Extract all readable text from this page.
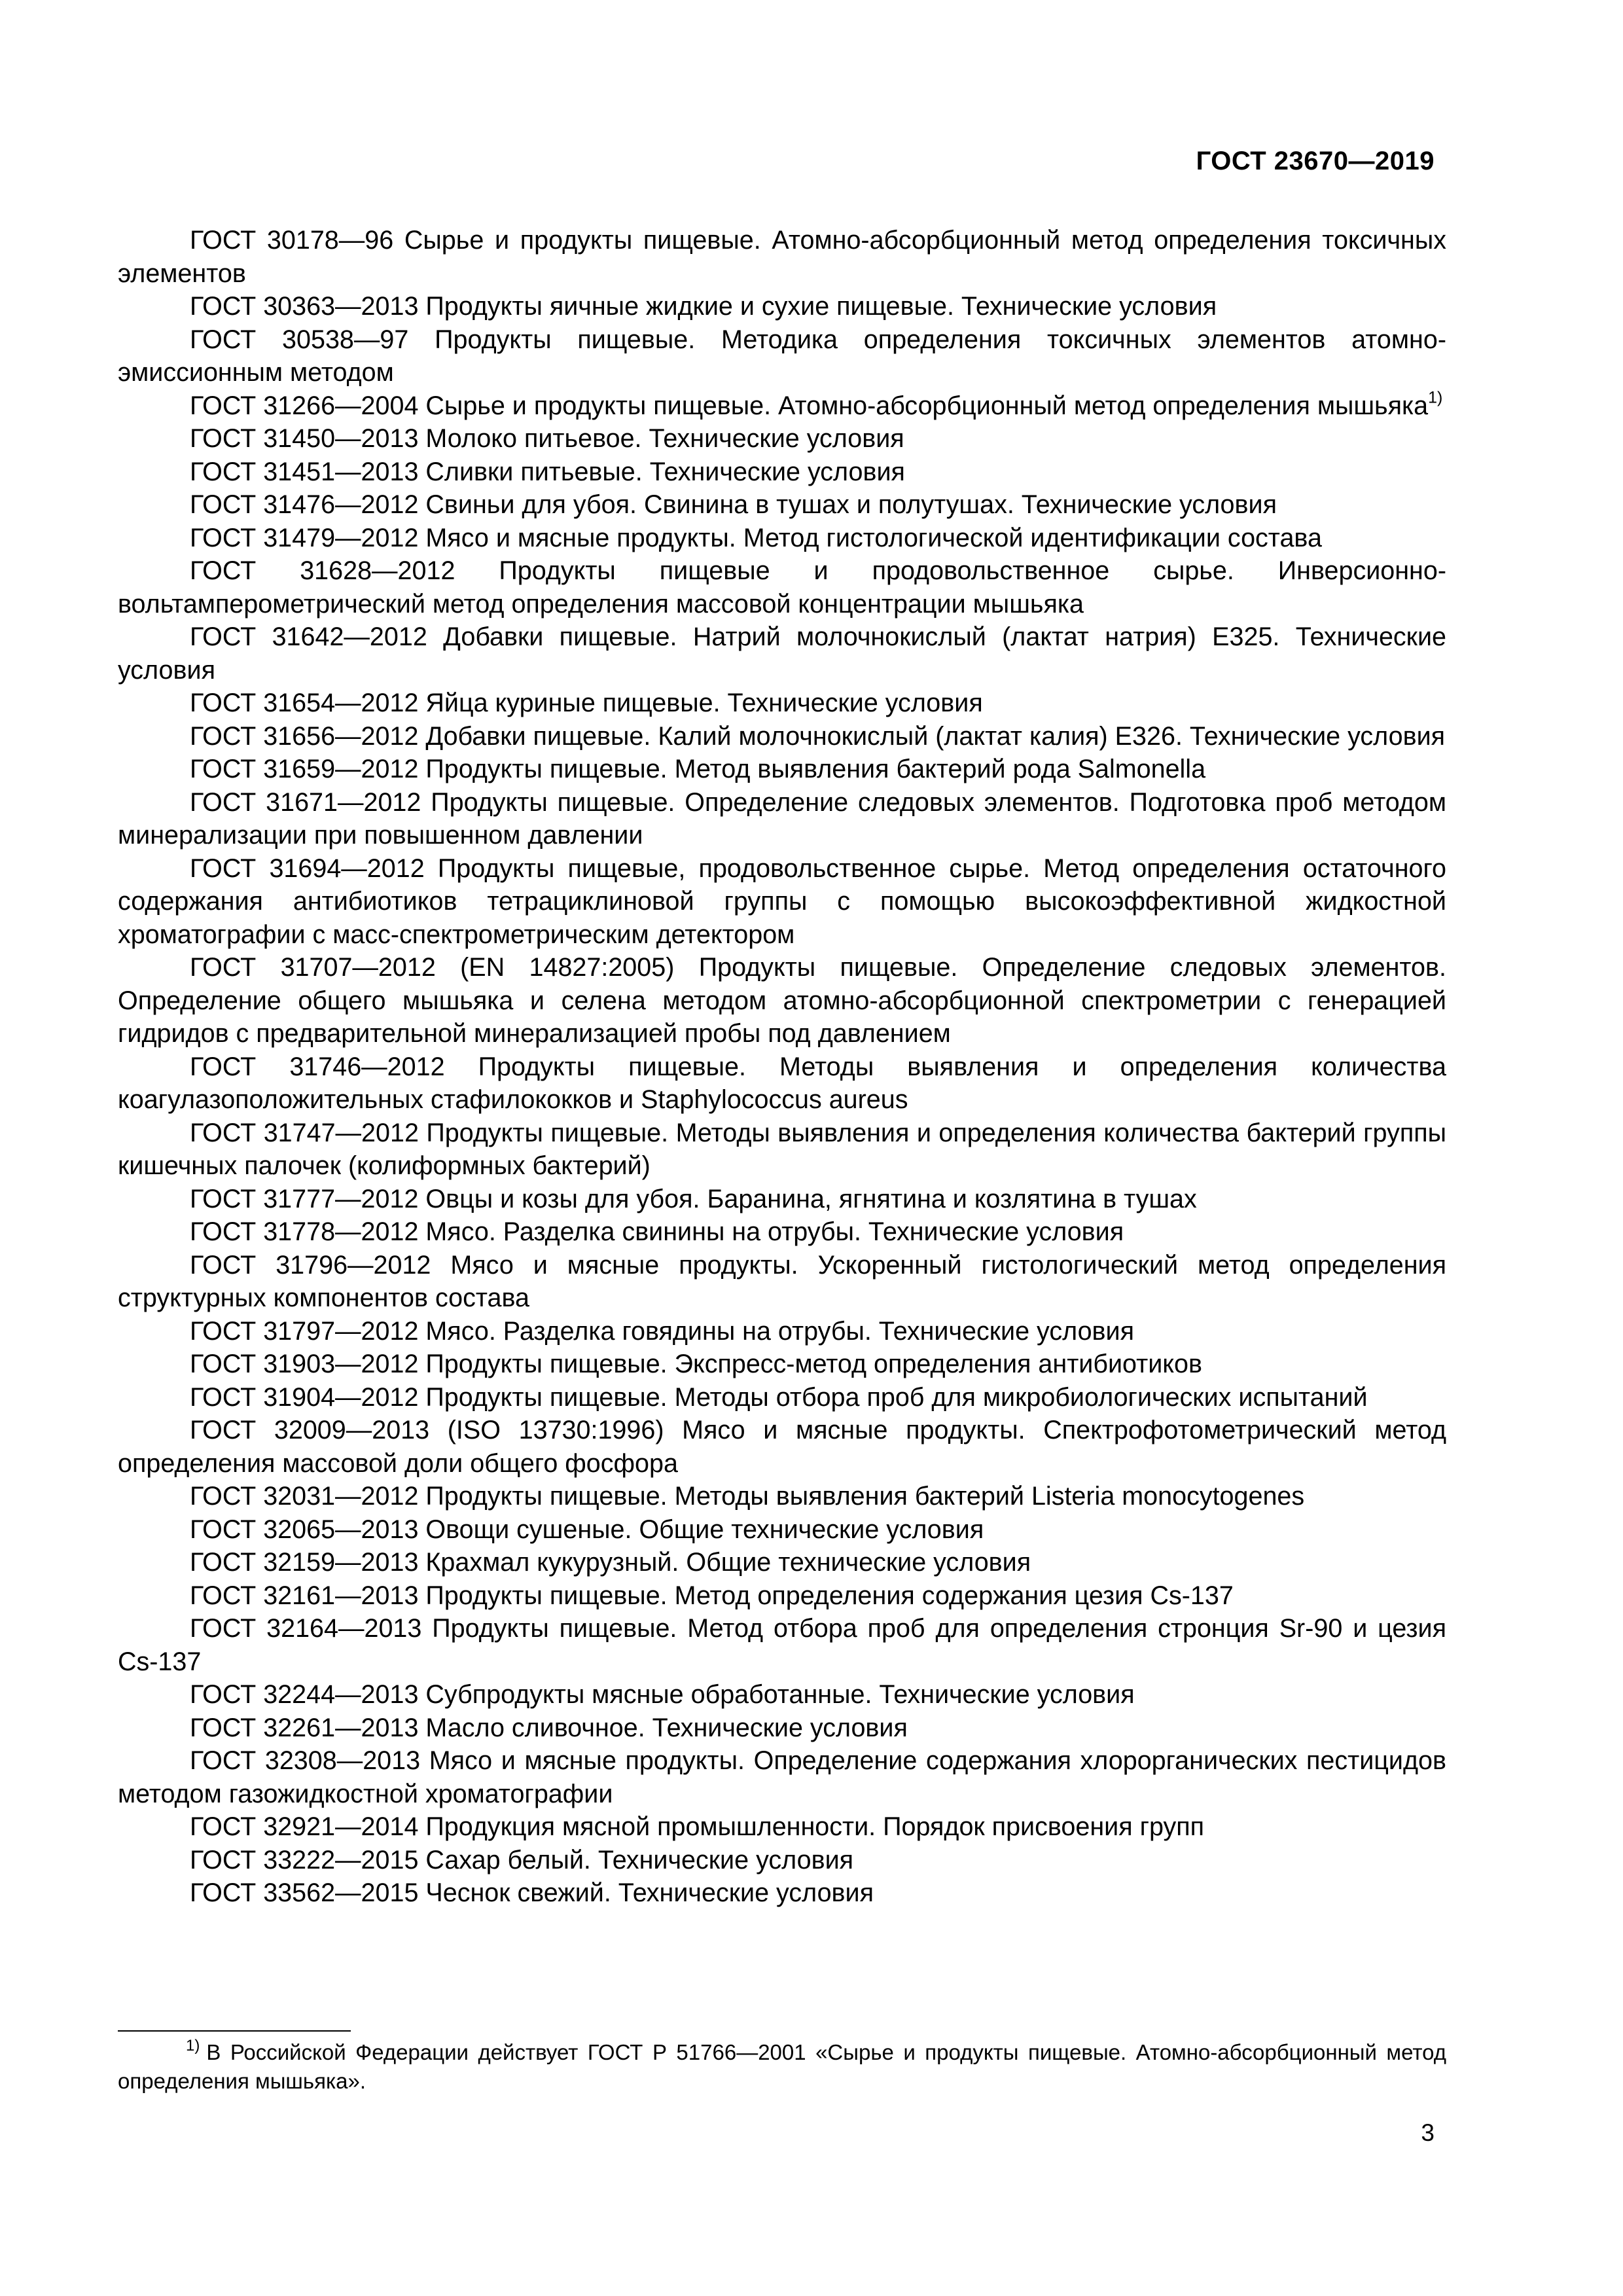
ГОСТ 23670—2019

ГОСТ 30178—96 Сырье и продукты пищевые. Атомно-абсорбционный метод определения токсичных элементов

ГОСТ 30363—2013 Продукты яичные жидкие и сухие пищевые. Технические условия

ГОСТ 30538—97 Продукты пищевые. Методика определения токсичных элементов атомно-эмиссионным методом

ГОСТ 31266—2004 Сырье и продукты пищевые. Атомно-абсорбционный метод определения мышьяка$^{1)}$

ГОСТ 31450—2013 Молоко питьевое. Технические условия

ГОСТ 31451—2013 Сливки питьевые. Технические условия

ГОСТ 31476—2012 Свиньи для убоя. Свинина в тушах и полутушах. Технические условия

ГОСТ 31479—2012 Мясо и мясные продукты. Метод гистологической идентификации состава

ГОСТ 31628—2012 Продукты пищевые и продовольственное сырье. Инверсионно-вольтамперометрический метод определения массовой концентрации мышьяка

ГОСТ 31642—2012 Добавки пищевые. Натрий молочнокислый (лактат натрия) Е325. Технические условия

ГОСТ 31654—2012 Яйца куриные пищевые. Технические условия

ГОСТ 31656—2012 Добавки пищевые. Калий молочнокислый (лактат калия) Е326. Технические условия

ГОСТ 31659—2012 Продукты пищевые. Метод выявления бактерий рода Salmonella

ГОСТ 31671—2012 Продукты пищевые. Определение следовых элементов. Подготовка проб методом минерализации при повышенном давлении

ГОСТ 31694—2012 Продукты пищевые, продовольственное сырье. Метод определения остаточного содержания антибиотиков тетрациклиновой группы с помощью высокоэффективной жидкостной хроматографии с масс-спектрометрическим детектором

ГОСТ 31707—2012 (EN 14827:2005) Продукты пищевые. Определение следовых элементов. Определение общего мышьяка и селена методом атомно-абсорбционной спектрометрии с генерацией гидридов с предварительной минерализацией пробы под давлением

ГОСТ 31746—2012 Продукты пищевые. Методы выявления и определения количества коагулазоположительных стафилококков и Staphylococcus aureus

ГОСТ 31747—2012 Продукты пищевые. Методы выявления и определения количества бактерий группы кишечных палочек (колиформных бактерий)

ГОСТ 31777—2012 Овцы и козы для убоя. Баранина, ягнятина и козлятина в тушах

ГОСТ 31778—2012 Мясо. Разделка свинины на отрубы. Технические условия

ГОСТ 31796—2012 Мясо и мясные продукты. Ускоренный гистологический метод определения структурных компонентов состава

ГОСТ 31797—2012 Мясо. Разделка говядины на отрубы. Технические условия

ГОСТ 31903—2012 Продукты пищевые. Экспресс-метод определения антибиотиков

ГОСТ 31904—2012 Продукты пищевые. Методы отбора проб для микробиологических испытаний

ГОСТ 32009—2013 (ISO 13730:1996) Мясо и мясные продукты. Спектрофотометрический метод определения массовой доли общего фосфора

ГОСТ 32031—2012 Продукты пищевые. Методы выявления бактерий Listeria monocytogenes

ГОСТ 32065—2013 Овощи сушеные. Общие технические условия

ГОСТ 32159—2013 Крахмал кукурузный. Общие технические условия

ГОСТ 32161—2013 Продукты пищевые. Метод определения содержания цезия Cs-137

ГОСТ 32164—2013 Продукты пищевые. Метод отбора проб для определения стронция Sr-90 и цезия Cs-137

ГОСТ 32244—2013 Субпродукты мясные обработанные. Технические условия

ГОСТ 32261—2013 Масло сливочное. Технические условия

ГОСТ 32308—2013 Мясо и мясные продукты. Определение содержания хлорорганических пестицидов методом газожидкостной хроматографии

ГОСТ 32921—2014 Продукция мясной промышленности. Порядок присвоения групп

ГОСТ 33222—2015 Сахар белый. Технические условия

ГОСТ 33562—2015 Чеснок свежий. Технические условия

$^{1)}$ В Российской Федерации действует ГОСТ Р 51766—2001 «Сырье и продукты пищевые. Атомно-абсорбционный метод определения мышьяка».
3
